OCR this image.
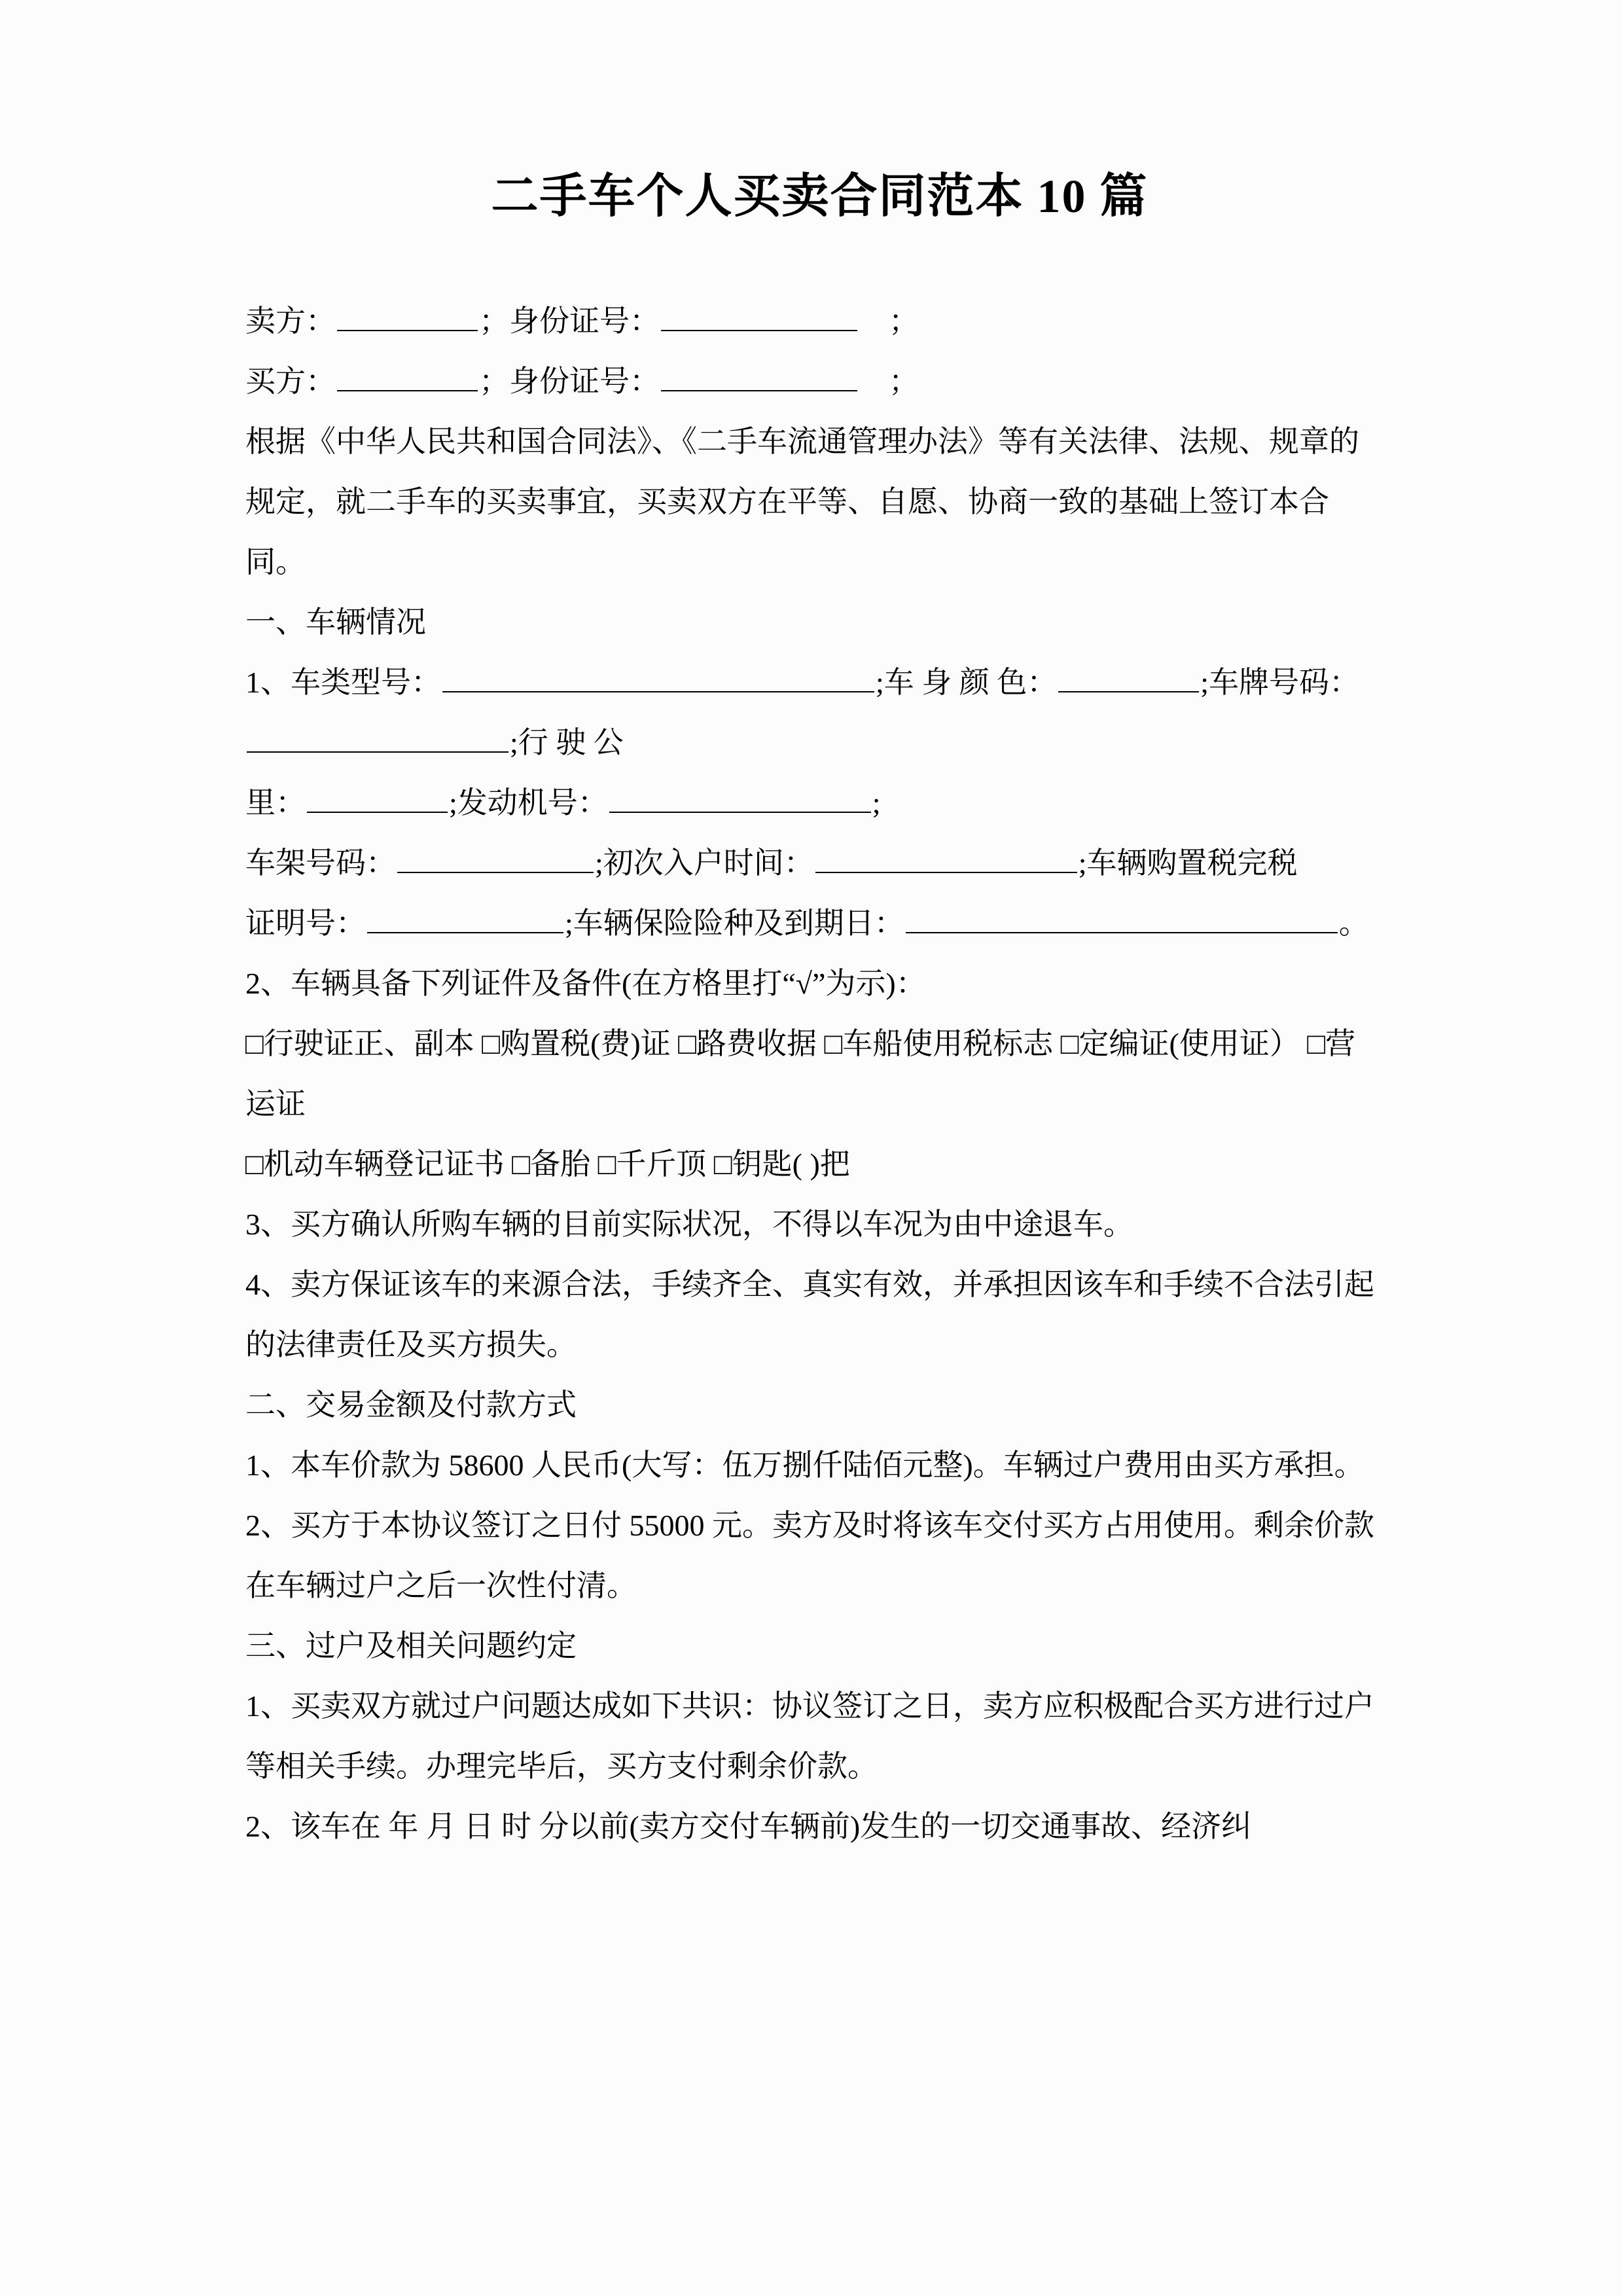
二手车个人买卖合同范本 10 篇

卖方：	；身份证号：	；

买方：	；身份证号：	；

根据《中华人民共和国合同法》、《二手车流通管理办法》等有关法律、法规、规章的规定，就二手车的买卖事宜，买卖双方在平等、自愿、协商一致的基础上签订本合同。

一、车辆情况

1、车类型号：	;车 身 颜 色：	;车牌号码：;行 驶 公

里：	;发动机号：	;

车架号码：	;初次入户时间：	;车辆购置税完税

证明号：	;车辆保险险种及到期日：	。

2、车辆具备下列证件及备件(在方格里打“√”为示)：

□行驶证正、副本 □购置税(费)证 □路费收据 □车船使用税标志 □定编证(使用证） □营运证

□机动车辆登记证书 □备胎 □千斤顶 □钥匙( )把

3、买方确认所购车辆的目前实际状况，不得以车况为由中途退车。

4、卖方保证该车的来源合法，手续齐全、真实有效，并承担因该车和手续不合法引起的法律责任及买方损失。

二、交易金额及付款方式

1、本车价款为 58600 人民币(大写：伍万捌仟陆佰元整)。车辆过户费用由买方承担。

2、买方于本协议签订之日付 55000 元。卖方及时将该车交付买方占用使用。剩余价款在车辆过户之后一次性付清。

三、过户及相关问题约定

1、买卖双方就过户问题达成如下共识：协议签订之日，卖方应积极配合买方进行过户等相关手续。办理完毕后，买方支付剩余价款。

2、该车在 年 月 日 时 分以前(卖方交付车辆前)发生的一切交通事故、经济纠
